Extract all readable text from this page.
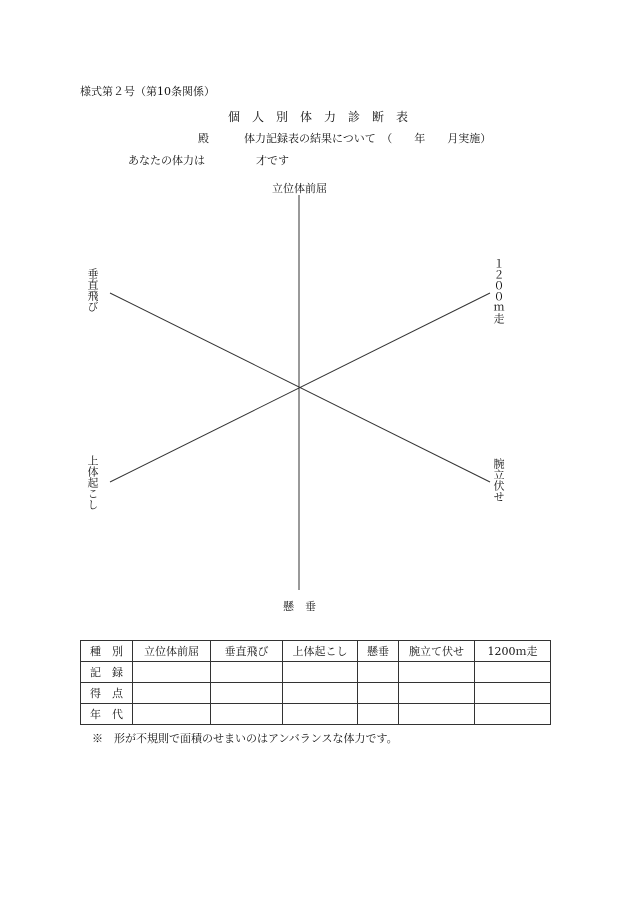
様式第２号（第10条関係）
個　人　別　体　力　診　断　表
殿	体力記録表の結果について　（　　年　　月実施）
あなたの体力は	才です
立位体前屈
垂直飛び	１２００ｍ走
上体起こし	腕立伏せ
懸　垂
種　別	立位体前屈	垂直飛び	上体起こし	懸垂	腕立て伏せ	1200ｍ走
記　録						
得　点						
年　代						
※　形が不規則で面積のせまいのはアンバランスな体力です。
